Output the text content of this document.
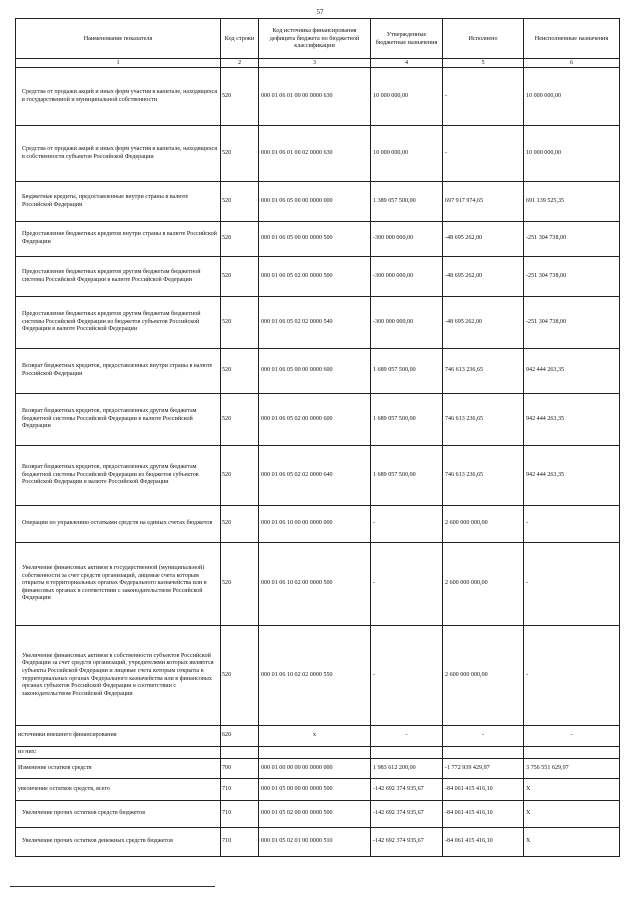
57
Наименование показателя	Код строки	Код источника финансирования дефицита бюджета по бюджетной классификации	Утвержденные бюджетные назначения	Исполнено	Неисполненные назначения
1	2	3	4	5	6
Средства от продажи акций и иных форм участия в капитале, находящихся в государственной и муниципальной собственности	520	000 01 06 01 00 00 0000 630	10 000 000,00	-	10 000 000,00
Средства от продажи акций и иных форм участия в капитале, находящихся в собственности субъектов Российской Федерации	520	000 01 06 01 00 02 0000 630	10 000 000,00	-	10 000 000,00
Бюджетные кредиты, предоставленные внутри страны в валюте Российской Федерации	520	000 01 06 05 00 00 0000 000	1 389 057 500,00	697 917 974,65	691 139 525,35
Предоставление бюджетных кредитов внутри страны в валюте Российской Федерации	520	000 01 06 05 00 00 0000 500	-300 000 000,00	-48 695 262,00	-251 304 738,00
Предоставление бюджетных кредитов другим бюджетам бюджетной системы Российской Федерации в валюте Российской Федерации	520	000 01 06 05 02 00 0000 500	-300 000 000,00	-48 695 262,00	-251 304 738,00
Предоставление бюджетных кредитов другим бюджетам бюджетной системы Российской Федерации из бюджетов субъектов Российской Федерации в валюте Российской Федерации	520	000 01 06 05 02 02 0000 540	-300 000 000,00	-48 695 262,00	-251 304 738,00
Возврат бюджетных кредитов, предоставленных внутри страны в валюте Российской Федерации	520	000 01 06 05 00 00 0000 600	1 689 057 500,00	746 613 236,65	942 444 263,35
Возврат бюджетных кредитов, предоставленных другим бюджетам бюджетной системы Российской Федерации в валюте Российской Федерации	520	000 01 06 05 02 00 0000 600	1 689 057 500,00	746 613 236,65	942 444 263,35
Возврат бюджетных кредитов, предоставленных другим бюджетам бюджетной системы Российской Федерации из бюджетов субъектов Российской Федерации в валюте Российской Федерации	520	000 01 06 05 02 02 0000 640	1 689 057 500,00	746 613 236,65	942 444 263,35
Операции по управлению остатками средств на единых счетах бюджетов	520	000 01 06 10 00 00 0000 000	-	2 600 000 000,00	-
Увеличение финансовых активов в государственной (муниципальной) собственности за счет средств организаций, лицевые счета которым открыты в территориальных органах Федерального казначейства или в финансовых органах в соответствии с законодательством Российской Федерации	520	000 01 06 10 02 00 0000 500	-	2 600 000 000,00	-
Увеличение финансовых активов в собственности субъектов Российской Федерации за счет средств организаций, учредителями которых являются субъекты Российской Федерации и лицевые счета которым открыты в территориальных органах Федерального казначейства или в финансовых органах субъектов Российской Федерации в соответствии с законодательством Российской Федерации	520	000 01 06 10 02 02 0000 550	-	2 600 000 000,00	-
источники внешнего финансирования	620	x	-	-	-
из них:					
Изменение остатков средств	700	000 01 00 00 00 00 0000 000	1 983 612 200,00	-1 772 939 429,97	3 756 551 629,97
увеличение остатков средств, всего	710	000 01 05 00 00 00 0000 500	-142 692 374 935,67	-84 061 415 416,10	X
Увеличение прочих остатков средств бюджетов	710	000 01 05 02 00 00 0000 500	-142 692 374 935,67	-84 061 415 416,10	X
Увеличение прочих остатков денежных средств бюджетов	710	000 01 05 02 01 00 0000 510	-142 692 374 935,67	-84 061 415 416,10	X
